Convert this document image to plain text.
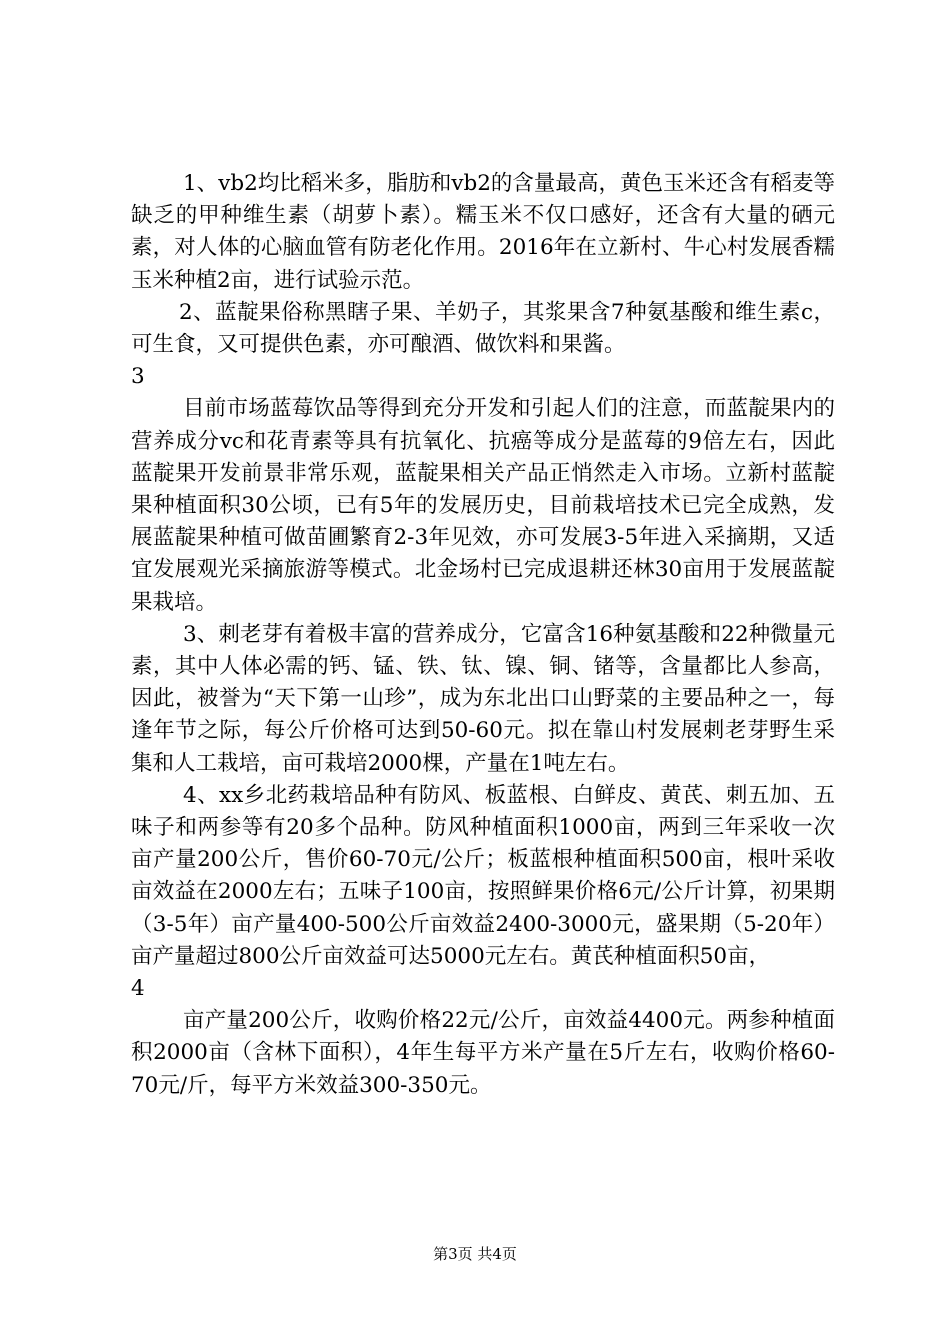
1、vb2均比稻米多，脂肪和vb2的含量最高，黄色玉米还含有稻麦等缺乏的甲种维生素（胡萝卜素）。糯玉米不仅口感好，还含有大量的硒元素，对人体的心脑血管有防老化作用。2016年在立新村、牛心村发展香糯玉米种植2亩，进行试验示范。

2、蓝靛果俗称黑瞎子果、羊奶子，其浆果含7种氨基酸和维生素c，可生食，又可提供色素，亦可酿酒、做饮料和果酱。

3

目前市场蓝莓饮品等得到充分开发和引起人们的注意，而蓝靛果内的营养成分vc和花青素等具有抗氧化、抗癌等成分是蓝莓的9倍左右，因此蓝靛果开发前景非常乐观，蓝靛果相关产品正悄然走入市场。立新村蓝靛果种植面积30公顷，已有5年的发展历史，目前栽培技术已完全成熟，发展蓝靛果种植可做苗圃繁育2-3年见效，亦可发展3-5年进入采摘期，又适宜发展观光采摘旅游等模式。北金场村已完成退耕还林30亩用于发展蓝靛果栽培。

3、刺老芽有着极丰富的营养成分，它富含16种氨基酸和22种微量元素，其中人体必需的钙、锰、铁、钛、镍、铜、锗等，含量都比人参高，因此，被誉为“天下第一山珍”，成为东北出口山野菜的主要品种之一，每逢年节之际，每公斤价格可达到50-60元。拟在靠山村发展刺老芽野生采集和人工栽培，亩可栽培2000棵，产量在1吨左右。

4、xx乡北药栽培品种有防风、板蓝根、白鲜皮、黄芪、刺五加、五味子和两参等有20多个品种。防风种植面积1000亩，两到三年采收一次亩产量200公斤，售价60-70元/公斤；板蓝根种植面积500亩，根叶采收亩效益在2000左右；五味子100亩，按照鲜果价格6元/公斤计算，初果期（3-5年）亩产量400-500公斤亩效益2400-3000元，盛果期（5-20年）亩产量超过800公斤亩效益可达5000元左右。黄芪种植面积50亩，

4

亩产量200公斤，收购价格22元/公斤，亩效益4400元。两参种植面积2000亩（含林下面积），4年生每平方米产量在5斤左右，收购价格60-70元/斤，每平方米效益300-350元。

第3页 共4页
